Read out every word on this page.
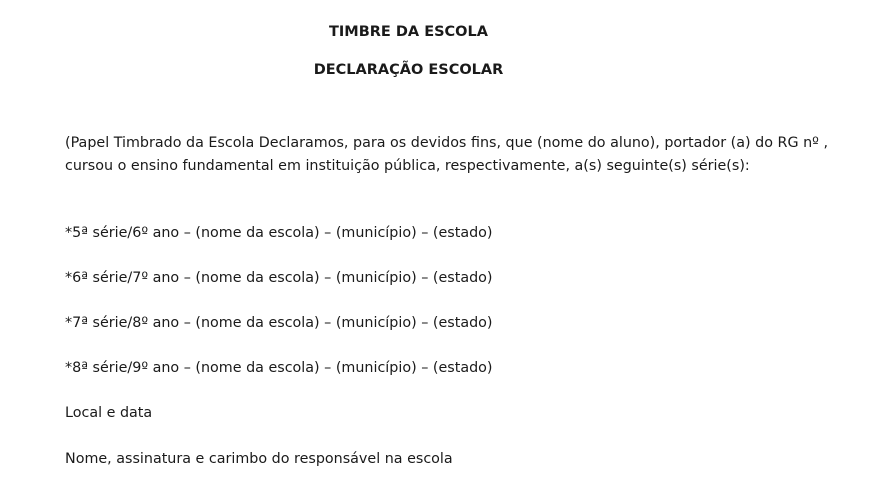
TIMBRE DA ESCOLA
DECLARAÇÃO ESCOLAR
(Papel Timbrado da Escola Declaramos, para os devidos fins, que (nome do aluno), portador (a) do RG nº , cursou o ensino fundamental em instituição pública, respectivamente, a(s) seguinte(s) série(s):
*5ª série/6º ano – (nome da escola) – (município) – (estado)
*6ª série/7º ano – (nome da escola) – (município) – (estado)
*7ª série/8º ano – (nome da escola) – (município) – (estado)
*8ª série/9º ano – (nome da escola) – (município) – (estado)
Local e data
Nome, assinatura e carimbo do responsável na escola
